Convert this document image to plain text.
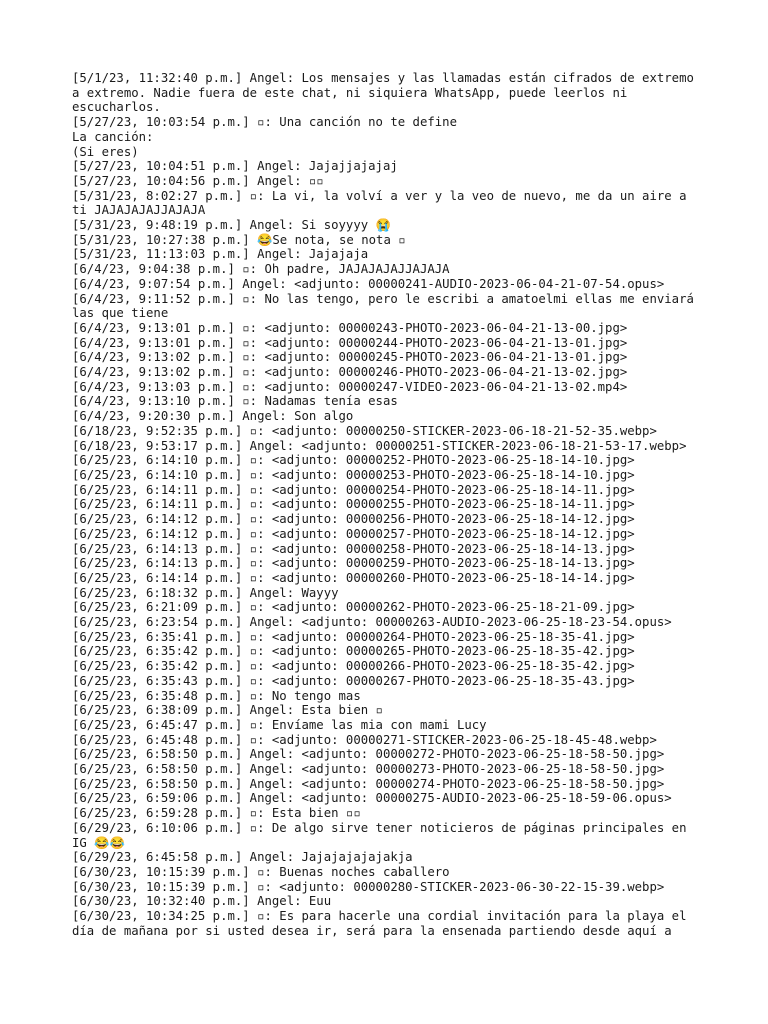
[5/1/23, 11:32:40 p.m.] Angel: Los mensajes y las llamadas están cifrados de extremo a extremo. Nadie fuera de este chat, ni siquiera WhatsApp, puede leerlos ni escucharlos.

[5/27/23, 10:03:54 p.m.] ▫: Una canción no te define

La canción:

(Si eres)

[5/27/23, 10:04:51 p.m.] Angel: Jajajjajajaj

[5/27/23, 10:04:56 p.m.] Angel: ▫▫

[5/31/23, 8:02:27 p.m.] ▫: La vi, la volví a ver y la veo de nuevo, me da un aire a ti JAJAJAJAJJAJAJA

[5/31/23, 9:48:19 p.m.] Angel: Si soyyyy 😭

[5/31/23, 10:27:38 p.m.] 😂Se nota, se nota ▫

[5/31/23, 11:13:03 p.m.] Angel: Jajajaja

[6/4/23, 9:04:38 p.m.] ▫: Oh padre, JAJAJAJAJJAJAJA

[6/4/23, 9:07:54 p.m.] Angel: <adjunto: 00000241-AUDIO-2023-06-04-21-07-54.opus>

[6/4/23, 9:11:52 p.m.] ▫: No las tengo, pero le escribi a amatoelmi ellas me enviará las que tiene

[6/4/23, 9:13:01 p.m.] ▫: <adjunto: 00000243-PHOTO-2023-06-04-21-13-00.jpg>

[6/4/23, 9:13:01 p.m.] ▫: <adjunto: 00000244-PHOTO-2023-06-04-21-13-01.jpg>

[6/4/23, 9:13:02 p.m.] ▫: <adjunto: 00000245-PHOTO-2023-06-04-21-13-01.jpg>

[6/4/23, 9:13:02 p.m.] ▫: <adjunto: 00000246-PHOTO-2023-06-04-21-13-02.jpg>

[6/4/23, 9:13:03 p.m.] ▫: <adjunto: 00000247-VIDEO-2023-06-04-21-13-02.mp4>

[6/4/23, 9:13:10 p.m.] ▫: Nadamas tenía esas

[6/4/23, 9:20:30 p.m.] Angel: Son algo

[6/18/23, 9:52:35 p.m.] ▫: <adjunto: 00000250-STICKER-2023-06-18-21-52-35.webp>

[6/18/23, 9:53:17 p.m.] Angel: <adjunto: 00000251-STICKER-2023-06-18-21-53-17.webp>

[6/25/23, 6:14:10 p.m.] ▫: <adjunto: 00000252-PHOTO-2023-06-25-18-14-10.jpg>

[6/25/23, 6:14:10 p.m.] ▫: <adjunto: 00000253-PHOTO-2023-06-25-18-14-10.jpg>

[6/25/23, 6:14:11 p.m.] ▫: <adjunto: 00000254-PHOTO-2023-06-25-18-14-11.jpg>

[6/25/23, 6:14:11 p.m.] ▫: <adjunto: 00000255-PHOTO-2023-06-25-18-14-11.jpg>

[6/25/23, 6:14:12 p.m.] ▫: <adjunto: 00000256-PHOTO-2023-06-25-18-14-12.jpg>

[6/25/23, 6:14:12 p.m.] ▫: <adjunto: 00000257-PHOTO-2023-06-25-18-14-12.jpg>

[6/25/23, 6:14:13 p.m.] ▫: <adjunto: 00000258-PHOTO-2023-06-25-18-14-13.jpg>

[6/25/23, 6:14:13 p.m.] ▫: <adjunto: 00000259-PHOTO-2023-06-25-18-14-13.jpg>

[6/25/23, 6:14:14 p.m.] ▫: <adjunto: 00000260-PHOTO-2023-06-25-18-14-14.jpg>

[6/25/23, 6:18:32 p.m.] Angel: Wayyy

[6/25/23, 6:21:09 p.m.] ▫: <adjunto: 00000262-PHOTO-2023-06-25-18-21-09.jpg>

[6/25/23, 6:23:54 p.m.] Angel: <adjunto: 00000263-AUDIO-2023-06-25-18-23-54.opus>

[6/25/23, 6:35:41 p.m.] ▫: <adjunto: 00000264-PHOTO-2023-06-25-18-35-41.jpg>

[6/25/23, 6:35:42 p.m.] ▫: <adjunto: 00000265-PHOTO-2023-06-25-18-35-42.jpg>

[6/25/23, 6:35:42 p.m.] ▫: <adjunto: 00000266-PHOTO-2023-06-25-18-35-42.jpg>

[6/25/23, 6:35:43 p.m.] ▫: <adjunto: 00000267-PHOTO-2023-06-25-18-35-43.jpg>

[6/25/23, 6:35:48 p.m.] ▫: No tengo mas

[6/25/23, 6:38:09 p.m.] Angel: Esta bien ▫

[6/25/23, 6:45:47 p.m.] ▫: Envíame las mia con mami Lucy

[6/25/23, 6:45:48 p.m.] ▫: <adjunto: 00000271-STICKER-2023-06-25-18-45-48.webp>

[6/25/23, 6:58:50 p.m.] Angel: <adjunto: 00000272-PHOTO-2023-06-25-18-58-50.jpg>

[6/25/23, 6:58:50 p.m.] Angel: <adjunto: 00000273-PHOTO-2023-06-25-18-58-50.jpg>

[6/25/23, 6:58:50 p.m.] Angel: <adjunto: 00000274-PHOTO-2023-06-25-18-58-50.jpg>

[6/25/23, 6:59:06 p.m.] Angel: <adjunto: 00000275-AUDIO-2023-06-25-18-59-06.opus>

[6/25/23, 6:59:28 p.m.] ▫: Esta bien ▫▫

[6/29/23, 6:10:06 p.m.] ▫: De algo sirve tener noticieros de páginas principales en IG 😂😂

[6/29/23, 6:45:58 p.m.] Angel: Jajajajajajakja

[6/30/23, 10:15:39 p.m.] ▫: Buenas noches caballero

[6/30/23, 10:15:39 p.m.] ▫: <adjunto: 00000280-STICKER-2023-06-30-22-15-39.webp>

[6/30/23, 10:32:40 p.m.] Angel: Euu

[6/30/23, 10:34:25 p.m.] ▫: Es para hacerle una cordial invitación para la playa el día de mañana por si usted desea ir, será para la ensenada partiendo desde aquí a
